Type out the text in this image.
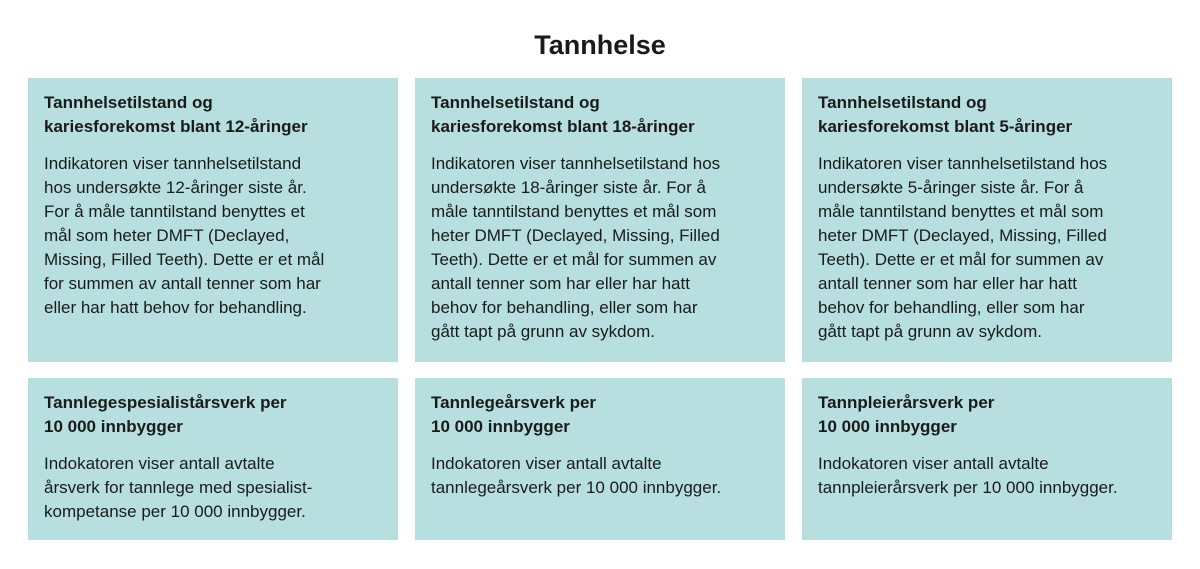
Tannhelse
Tannhelsetilstand og
kariesforekomst blant 12-åringer
Indikatoren viser tannhelsetilstand
hos undersøkte 12-åringer siste år.
For å måle tanntilstand benyttes et
mål som heter DMFT (Declayed,
Missing, Filled Teeth). Dette er et mål
for summen av antall tenner som har
eller har hatt behov for behandling.
Tannhelsetilstand og
kariesforekomst blant 18-åringer
Indikatoren viser tannhelsetilstand hos
undersøkte 18-åringer siste år. For å
måle tanntilstand benyttes et mål som
heter DMFT (Declayed, Missing, Filled
Teeth). Dette er et mål for summen av
antall tenner som har eller har hatt
behov for behandling, eller som har
gått tapt på grunn av sykdom.
Tannhelsetilstand og
kariesforekomst blant 5-åringer
Indikatoren viser tannhelsetilstand hos
undersøkte 5-åringer siste år. For å
måle tanntilstand benyttes et mål som
heter DMFT (Declayed, Missing, Filled
Teeth). Dette er et mål for summen av
antall tenner som har eller har hatt
behov for behandling, eller som har
gått tapt på grunn av sykdom.
Tannlegespesialistårsverk per
10 000 innbygger
Indokatoren viser antall avtalte
årsverk for tannlege med spesialist-
kompetanse per 10 000 innbygger.
Tannlegeårsverk per
10 000 innbygger
Indokatoren viser antall avtalte
tannlegeårsverk per 10 000 innbygger.
Tannpleierårsverk per
10 000 innbygger
Indokatoren viser antall avtalte
tannpleierårsverk per 10 000 innbygger.
